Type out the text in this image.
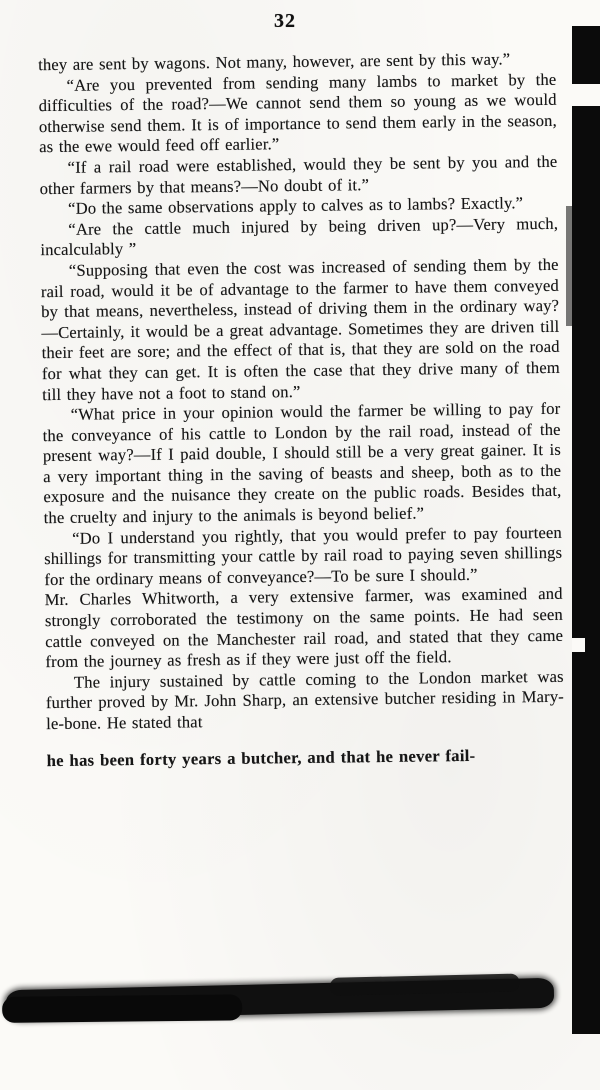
32

they are sent by wagons. Not many, however, are sent by this way.”

“Are you prevented from sending many lambs to market by the difficulties of the road?—We cannot send them so young as we would otherwise send them. It is of importance to send them early in the season, as the ewe would feed off earlier.”

“If a rail road were established, would they be sent by you and the other farmers by that means?—No doubt of it.”

“Do the same observations apply to calves as to lambs? Exactly.”

“Are the cattle much injured by being driven up?—Very much, incalculably ”

“Supposing that even the cost was increased of sending them by the rail road, would it be of advantage to the farmer to have them conveyed by that means, nevertheless, instead of driving them in the ordinary way?—Certainly, it would be a great advantage. Sometimes they are driven till their feet are sore; and the effect of that is, that they are sold on the road for what they can get. It is often the case that they drive many of them till they have not a foot to stand on.”

“What price in your opinion would the farmer be willing to pay for the conveyance of his cattle to London by the rail road, instead of the present way?—If I paid double, I should still be a very great gainer. It is a very important thing in the saving of beasts and sheep, both as to the exposure and the nuisance they create on the public roads. Besides that, the cruelty and injury to the animals is beyond belief.”

“Do I understand you rightly, that you would prefer to pay fourteen shillings for transmitting your cattle by rail road to paying seven shillings for the ordinary means of conveyance?—To be sure I should.”

Mr. Charles Whitworth, a very extensive farmer, was examined and strongly corroborated the testimony on the same points. He had seen cattle conveyed on the Manchester rail road, and stated that they came from the journey as fresh as if they were just off the field.

The injury sustained by cattle coming to the London market was further proved by Mr. John Sharp, an extensive butcher residing in Mary-le-bone. He stated that

he has been forty years a butcher, and that he never fail-
